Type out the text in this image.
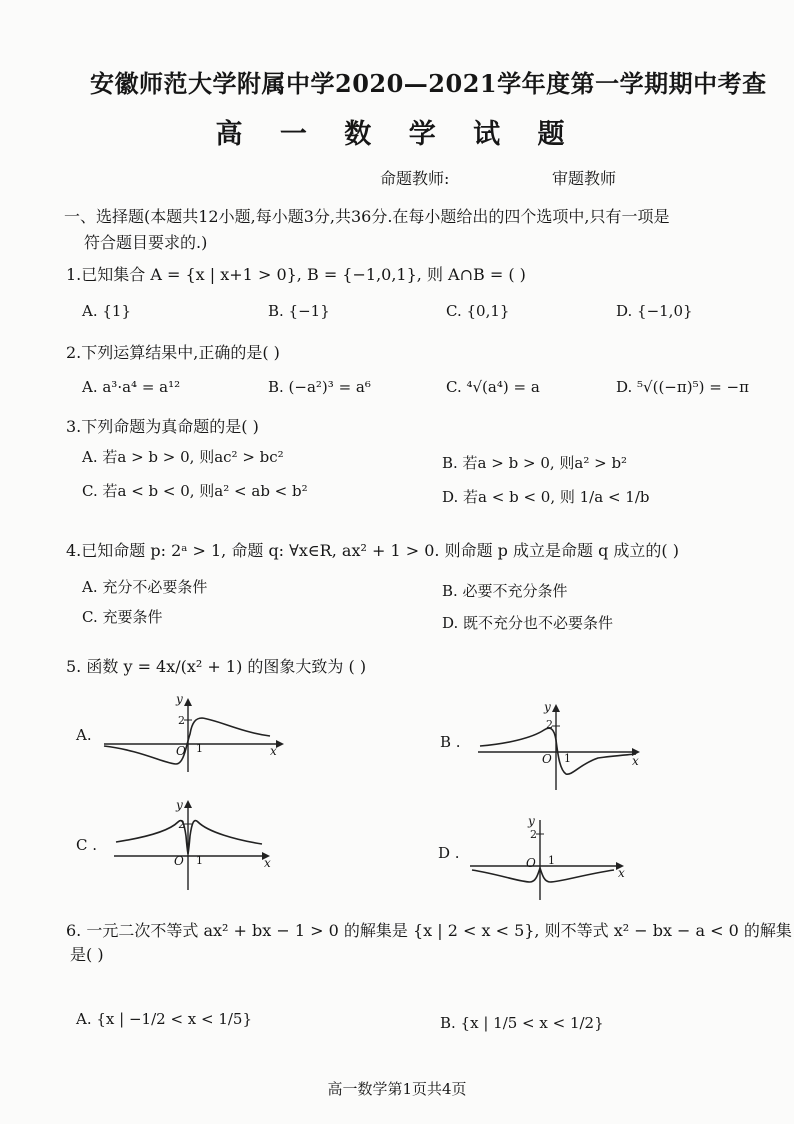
安徽师范大学附属中学2020—2021学年度第一学期期中考查
高 一 数 学 试 题
命题教师:	审题教师
一、选择题(本题共12小题,每小题3分,共36分.在每小题给出的四个选项中,只有一项是
符合题目要求的.)
1.已知集合 A = {x | x+1 > 0}, B = {−1,0,1}, 则 A∩B = ( )
A. {1}	B. {−1}	C. {0,1}	D. {−1,0}
2.下列运算结果中,正确的是( )
A. a³·a⁴ = a¹²	B. (−a²)³ = a⁶	C. ⁴√(a⁴) = a	D. ⁵√((−π)⁵) = −π
3.下列命题为真命题的是( )
A. 若a > b > 0, 则ac² > bc²	B. 若a > b > 0, 则a² > b²
C. 若a < b < 0, 则a² < ab < b²	D. 若a < b < 0, 则 1/a < 1/b
4.已知命题 p: 2ᵃ > 1, 命题 q: ∀x∈R, ax² + 1 > 0. 则命题 p 成立是命题 q 成立的( )
A. 充分不必要条件	B. 必要不充分条件
C. 充要条件	D. 既不充分也不必要条件
5. 函数 y = 4x/(x² + 1) 的图象大致为 ( )
A.
y
2
O 1	x	B .
y
2
O 1	x
C .
y
2
O 1	x
D .
y
2
O 1
x
6. 一元二次不等式 ax² + bx − 1 > 0 的解集是 {x | 2 < x < 5}, 则不等式 x² − bx − a < 0 的解集
是( )
A. {x | −1/2 < x < 1/5}	B. {x | 1/5 < x < 1/2}
高一数学第1页共4页
